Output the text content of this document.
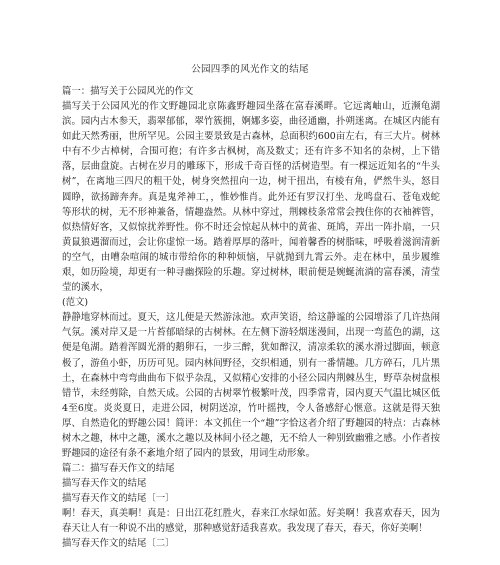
公园四季的风光作文的结尾

篇一：描写关于公园风光的作文

描写关于公园风光的作文野趣园北京陈鑫野趣园坐落在富春溪畔。它远离岫山，近濒龟湖滨。园内古木参天，翡翠郁郁，翠竹簇拥，婀娜多姿，曲径通幽，扑朔迷离。在城区内能有如此天然秀丽，世所罕见。公园主要景致是古森林，总面积约600亩左右，有三大片。树林中有不少古樟树，合围可抱；有许多古枫树，高及数丈；还有许多不知名的杂树，上下错落，层曲盘旋。古树在岁月的雕琢下，形成千奇百怪的活树造型。有一棵远近知名的“牛头树”，在离地三四尺的粗干处，树身突然扭向一边，树干扭出，有棱有角，俨然牛头，怒目圆睁，欲扬蹄奔奔。真是鬼斧神工，，惟妙惟肖。此外还有罗汉打坐、龙鸣盘石、苍龟戏蛇等形状的树，无不形神兼备，情趣盎然。从林中穿过，荆棘枝条常常会拽住你的衣袖裤管，似热情好客，又似惊扰养野性。你不时还会惊起从林中的黄雀、斑鸠，弄出一阵扑扇，一只黄鼠狼遇溜而过，会让你虚惊一场。踏着厚厚的落叶，闻着馨香的树脂味，呼吸着滋润清新的空气，由嘈杂喧闹的城市带给你的种种烦恼，早就抛到九霄云外。走在林中，虽步履维艰，如历险境，却更有一种寻幽探险的乐趣。穿过树林，眼前便是婉蜒流淌的富春溪，清莹莹的溪水，

(范文)

静静地穿林而过。夏天，这儿便是天然游泳池。欢声笑语，给这静谧的公园增添了几许热闹气氛。溪对岸又是一片苔郁暗绿的古树林。在左侧下游轻烟迷漫间，出现一弯蓝色的湖，这便是龟湖。踏着浑圆光滑的鹅卵石，一步三醉，犹如醉汉，清凉柔软的溪水滑过脚面，顿意极了，游鱼小虾，历历可见。园内林间野径，交织相通，别有一番情趣。几方碎石，几片黑土，在森林中弯弯曲曲布下似乎杂乱，又似精心安排的小径公园内荆棘丛生，野草杂树盘根错节，未经剪除，自然天成。公园的古树翠竹极繁叶茂，四季常青，园内夏天气温比城区低4至6度。炎炎夏日，走进公园，树阴送凉，竹叶摇拽，令人备感舒心惬意。这就是得天独厚、自然造化的野趣公园！简评：本文抓住一个“趣”字恰这者介绍了野趣园的特点：古森林树木之趣，林中之趣，溪水之趣以及林间小径之趣，无不给人一种别致幽雅之感。小作者按野趣园的途径有条不紊地介绍了园内的景致，用词生动形象。

篇二：描写春天作文的结尾

描写春天作文的结尾

描写春天作文的结尾〔一〕

啊！春天，真美啊！真是：日出江花红胜火，春来江水绿如蓝。好美啊！我喜欢春天，因为春天让人有一种说不出的感觉，那种感觉舒适我喜欢。我发现了春天，春天，你好美啊！

描写春天作文的结尾〔二〕
